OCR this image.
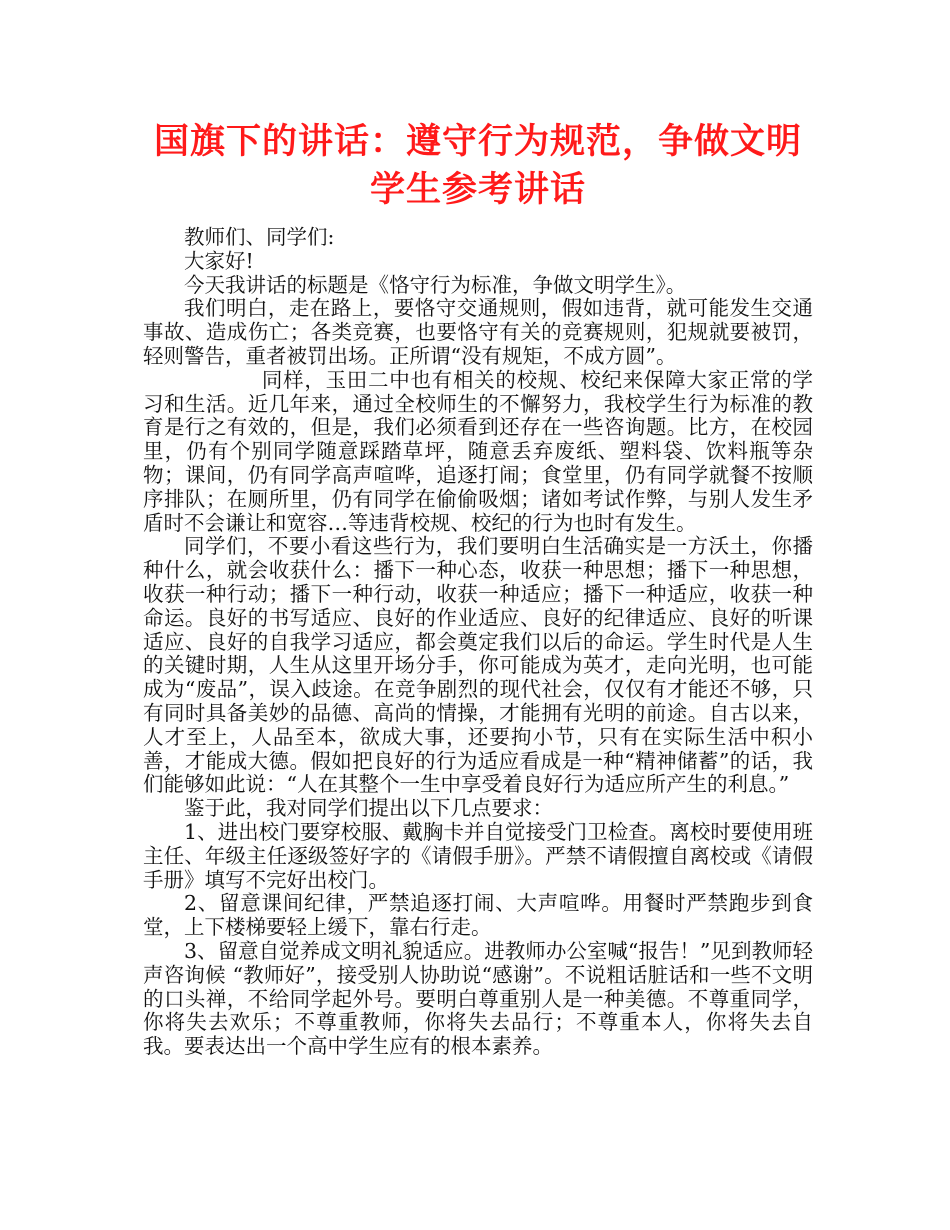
国旗下的讲话：遵守行为规范，争做文明
学生参考讲话

教师们、同学们:

大家好!

今天我讲话的标题是《恪守行为标准，争做文明学生》。

我们明白，走在路上，要恪守交通规则，假如违背，就可能发生交通事故、造成伤亡；各类竞赛，也要恪守有关的竞赛规则，犯规就要被罚，轻则警告，重者被罚出场。正所谓“没有规矩，不成方圆”。

同样，玉田二中也有相关的校规、校纪来保障大家正常的学习和生活。近几年来，通过全校师生的不懈努力，我校学生行为标准的教育是行之有效的，但是，我们必须看到还存在一些咨询题。比方，在校园里，仍有个别同学随意踩踏草坪，随意丢弃废纸、塑料袋、饮料瓶等杂物；课间，仍有同学高声喧哗，追逐打闹；食堂里，仍有同学就餐不按顺序排队；在厕所里，仍有同学在偷偷吸烟；诸如考试作弊，与别人发生矛盾时不会谦让和宽容…等违背校规、校纪的行为也时有发生。

同学们，不要小看这些行为，我们要明白生活确实是一方沃土，你播种什么，就会收获什么：播下一种心态，收获一种思想；播下一种思想，收获一种行动；播下一种行动，收获一种适应；播下一种适应，收获一种命运。良好的书写适应、良好的作业适应、良好的纪律适应、良好的听课适应、良好的自我学习适应，都会奠定我们以后的命运。学生时代是人生的关键时期，人生从这里开场分手，你可能成为英才，走向光明，也可能成为“废品”，误入歧途。在竞争剧烈的现代社会，仅仅有才能还不够，只有同时具备美妙的品德、高尚的情操，才能拥有光明的前途。自古以来，人才至上，人品至本，欲成大事，还要拘小节，只有在实际生活中积小善，才能成大德。假如把良好的行为适应看成是一种“精神储蓄”的话，我们能够如此说：“人在其整个一生中享受着良好行为适应所产生的利息。”

鉴于此，我对同学们提出以下几点要求：

1、进出校门要穿校服、戴胸卡并自觉接受门卫检查。离校时要使用班主任、年级主任逐级签好字的《请假手册》。严禁不请假擅自离校或《请假手册》填写不完好出校门。

2、留意课间纪律，严禁追逐打闹、大声喧哗。用餐时严禁跑步到食堂，上下楼梯要轻上缓下，靠右行走。

3、留意自觉养成文明礼貌适应。进教师办公室喊“报告！”见到教师轻声咨询候 “教师好”，接受别人协助说“感谢”。不说粗话脏话和一些不文明的口头禅，不给同学起外号。要明白尊重别人是一种美德。不尊重同学，你将失去欢乐；不尊重教师，你将失去品行；不尊重本人，你将失去自我。要表达出一个高中学生应有的根本素养。
